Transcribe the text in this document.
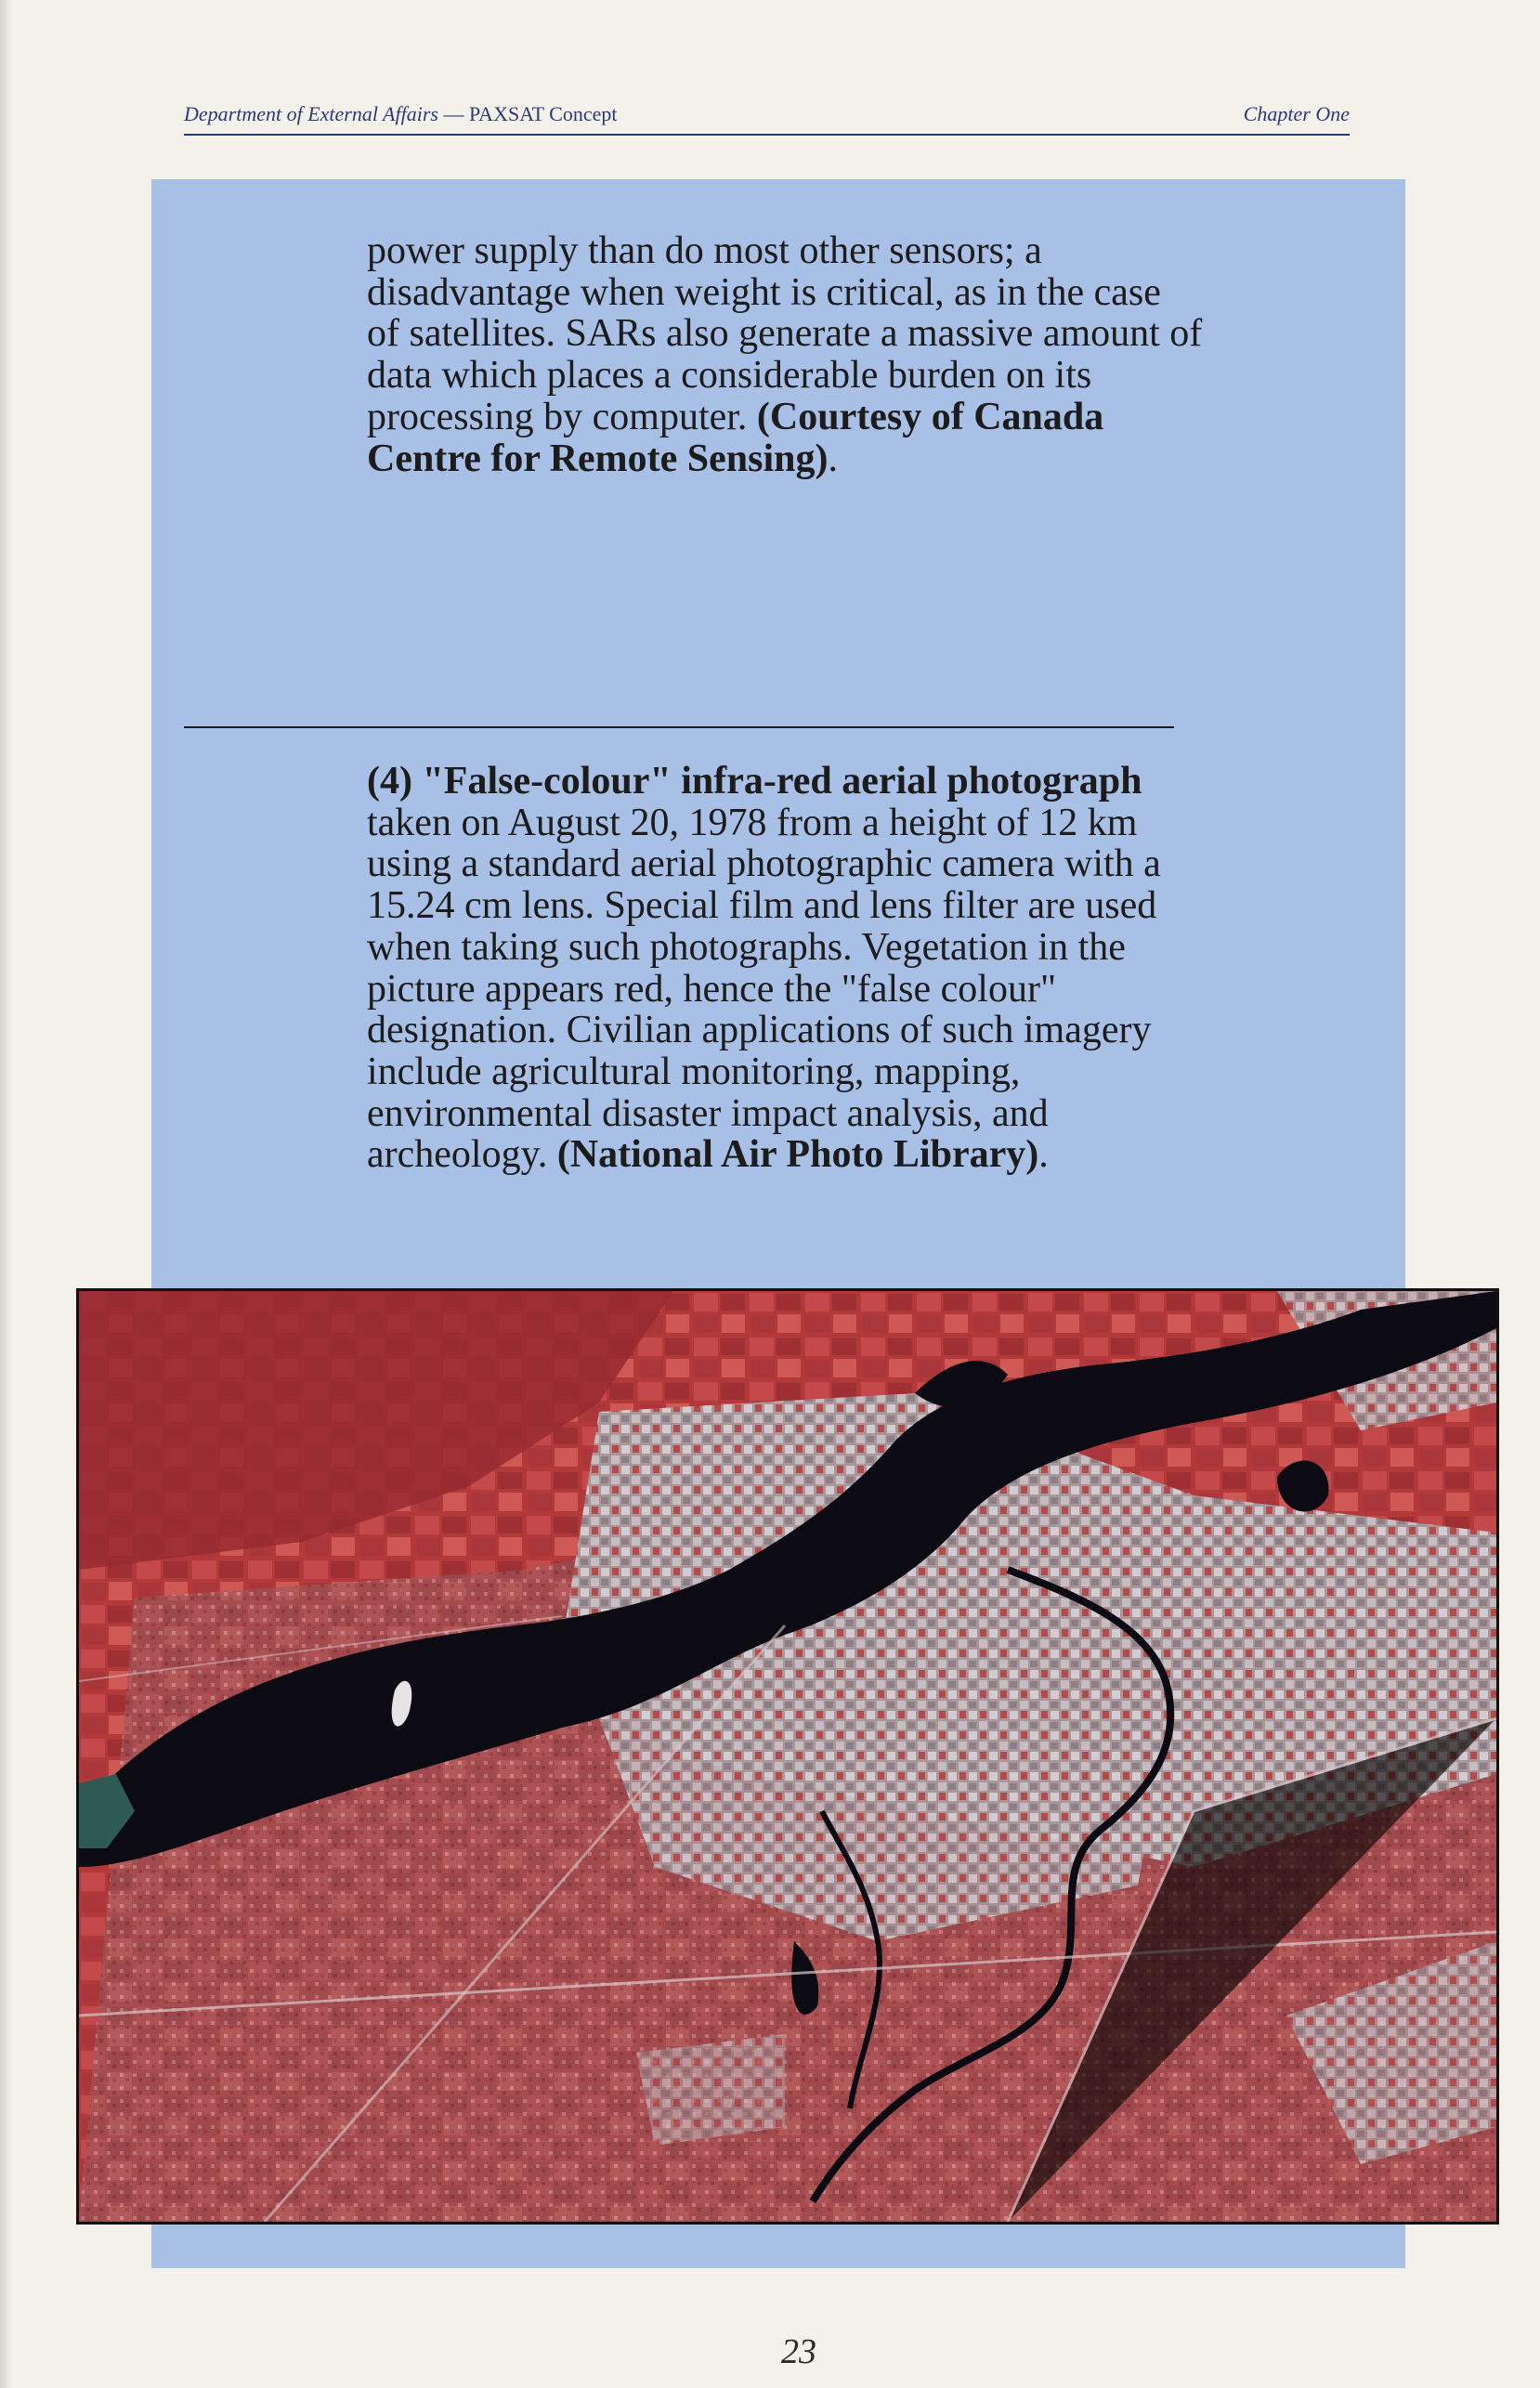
Department of External Affairs — PAXSAT Concept	Chapter One
power supply than do most other sensors; a disadvantage when weight is critical, as in the case of satellites. SARs also generate a massive amount of data which places a considerable burden on its processing by computer. (Courtesy of Canada Centre for Remote Sensing).
(4) "False-colour" infra-red aerial photograph taken on August 20, 1978 from a height of 12 km using a standard aerial photographic camera with a 15.24 cm lens. Special film and lens filter are used when taking such photographs. Vegetation in the picture appears red, hence the "false colour" designation. Civilian applications of such imagery include agricultural monitoring, mapping, environmental disaster impact analysis, and archeology. (National Air Photo Library).
23
